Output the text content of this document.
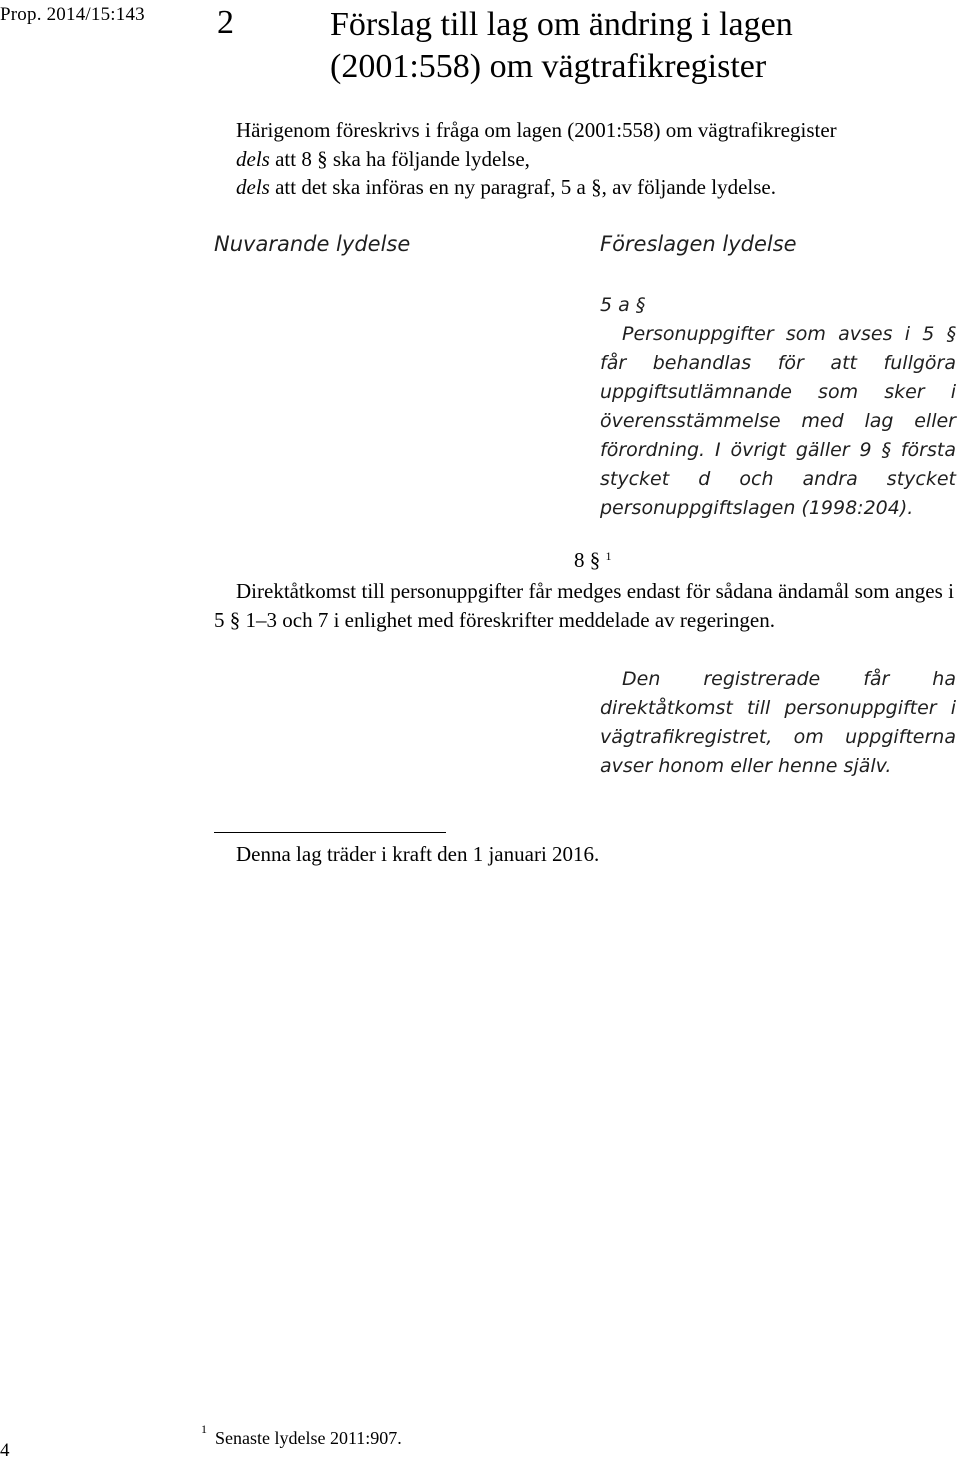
Prop. 2014/15:143 2	Förslag till lag om ändring i lagen
(2001:558) om vägtrafikregister
Härigenom föreskrivs i fråga om lagen (2001:558) om vägtrafikregister
dels att 8 § ska ha följande lydelse,
dels att det ska införas en ny paragraf, 5 a §, av följande lydelse.
Nuvarande lydelse	Föreslagen lydelse
5 a §
Personuppgifter som avses i 5 § får behandlas för att fullgöra uppgiftsutlämnande som sker i överensstämmelse med lag eller förordning. I övrigt gäller 9 § första stycket d och andra stycket personuppgiftslagen (1998:204).
8 § $^1$
Direktåtkomst till personuppgifter får medges endast för sådana ändamål som anges i 5 § 1–3 och 7 i enlighet med föreskrifter meddelade av regeringen.
Den registrerade får ha direktåtkomst till personuppgifter i vägtrafikregistret, om uppgifterna avser honom eller henne själv.
Denna lag träder i kraft den 1 januari 2016.
1 Senaste lydelse 2011:907.
4
